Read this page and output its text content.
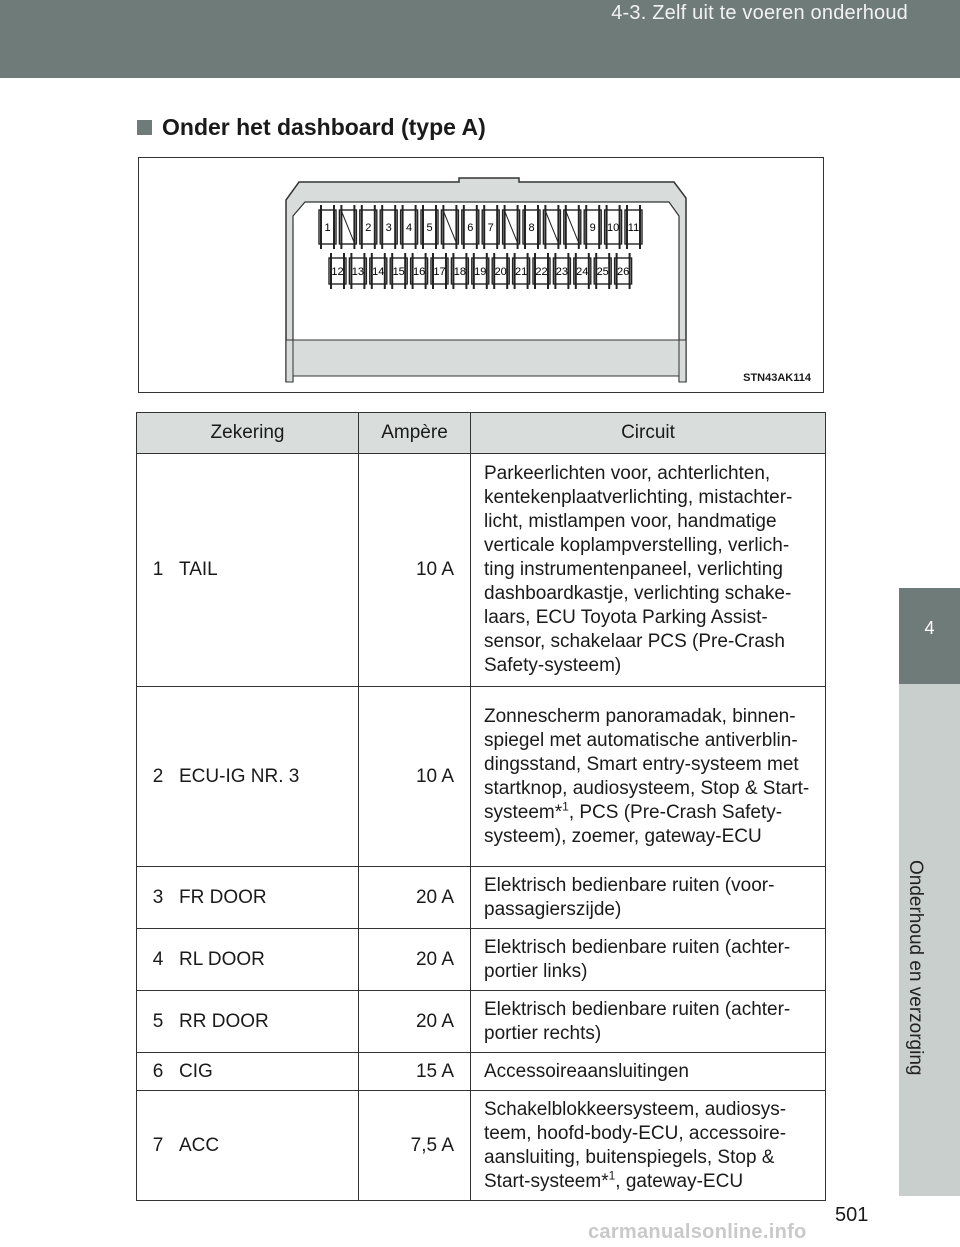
4-3. Zelf uit te voeren onderhoud
4
Onderhoud en verzorging
Onder het dashboard (type A)
1	2 3 4 5	6 7	8	9 10 11
12 13 14 15 16 17 18 19 20 21 22 23 24 25 26
STN43AK114
Zekering		Ampère	Circuit
1	TAIL	10 A	Parkeerlichten voor, achterlichten, kentekenplaatverlichting, mistachter-licht, mistlampen voor, handmatige verticale koplampverstelling, verlich-ting instrumentenpaneel, verlichting dashboardkastje, verlichting schake-laars, ECU Toyota Parking Assist-sensor, schakelaar PCS (Pre-Crash Safety-systeem)
2	ECU-IG NR. 3	10 A	Zonnescherm panoramadak, binnen-spiegel met automatische antiverblin-dingsstand, Smart entry-systeem met startknop, audiosysteem, Stop & Start-systeem*$^1$, PCS (Pre-Crash Safety-systeem), zoemer, gateway-ECU
3	FR DOOR	20 A	Elektrisch bedienbare ruiten (voor-passagierszijde)
4	RL DOOR	20 A	Elektrisch bedienbare ruiten (achter-portier links)
5	RR DOOR	20 A	Elektrisch bedienbare ruiten (achter-portier rechts)
6	CIG	15 A	Accessoireaansluitingen
7	ACC	7,5 A	Schakelblokkeersysteem, audiosys-teem, hoofd-body-ECU, accessoire-aansluiting, buitenspiegels, Stop & Start-systeem*$^1$, gateway-ECU
501
carmanualsonline.info
